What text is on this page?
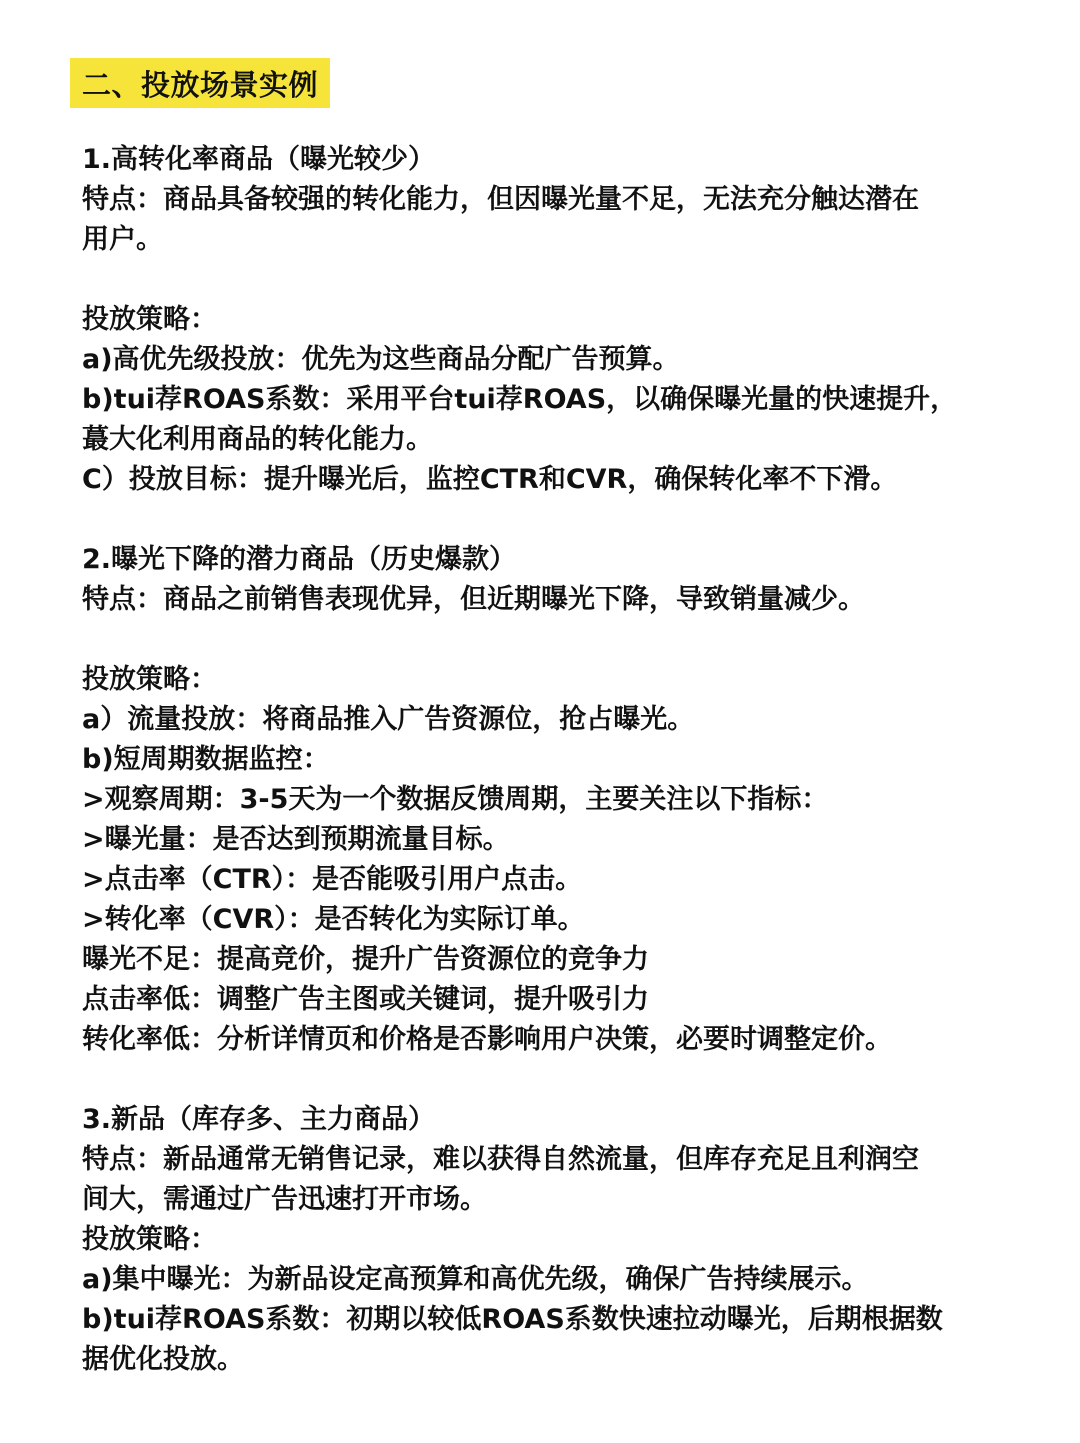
二、投放场景实例
1.高转化率商品（曝光较少）
特点：商品具备较强的转化能力，但因曝光量不足，无法充分触达潜在
用户。
投放策略：
a)高优先级投放：优先为这些商品分配广告预算。
b)tui荐ROAS系数：采用平台tui荐ROAS，以确保曝光量的快速提升，
蕞大化利用商品的转化能力。
C）投放目标：提升曝光后，监控CTR和CVR，确保转化率不下滑。
2.曝光下降的潜力商品（历史爆款）
特点：商品之前销售表现优异，但近期曝光下降，导致销量减少。
投放策略：
a）流量投放：将商品推入广告资源位，抢占曝光。
b)短周期数据监控：
>观察周期：3-5天为一个数据反馈周期，主要关注以下指标：
>曝光量：是否达到预期流量目标。
>点击率（CTR）：是否能吸引用户点击。
>转化率（CVR）：是否转化为实际订单。
曝光不足：提高竞价，提升广告资源位的竞争力
点击率低：调整广告主图或关键词，提升吸引力
转化率低：分析详情页和价格是否影响用户决策，必要时调整定价。
3.新品（库存多、主力商品）
特点：新品通常无销售记录，难以获得自然流量，但库存充足且利润空
间大，需通过广告迅速打开市场。
投放策略：
a)集中曝光：为新品设定高预算和高优先级，确保广告持续展示。
b)tui荐ROAS系数：初期以较低ROAS系数快速拉动曝光，后期根据数
据优化投放。
